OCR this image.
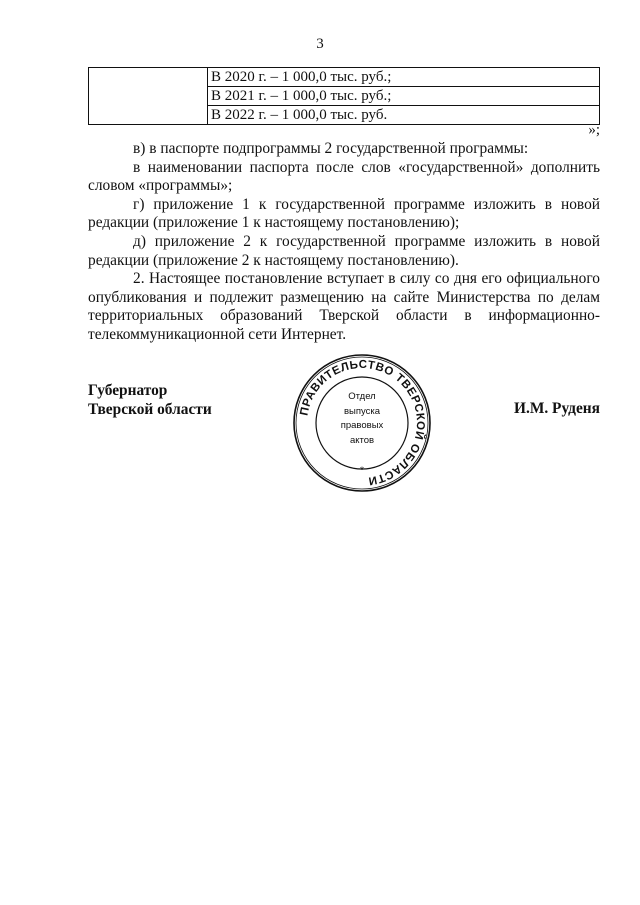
3

В 2020 г. – 1 000,0 тыс. руб.;
В 2021 г. – 1 000,0 тыс. руб.;
В 2022 г. – 1 000,0 тыс. руб.
»;

в) в паспорте подпрограммы 2 государственной программы:

в наименовании паспорта после слов «государственной» дополнить словом «программы»;

г) приложение 1 к государственной программе изложить в новой редакции (приложение 1 к настоящему постановлению);

д) приложение 2 к государственной программе изложить в новой редакции (приложение 2 к настоящему постановлению).

2. Настоящее постановление вступает в силу со дня его официального опубликования и подлежит размещению на сайте Министерства по делам территориальных образований Тверской области в информационно-телекоммуникационной сети Интернет.

Губернатор
Тверской области	ПРАВИТЕЛЬСТВО ТВЕРСКОЙ ОБЛАСТИ
*
Отдел
выпуска
правовых
актов
И.М. Руденя
